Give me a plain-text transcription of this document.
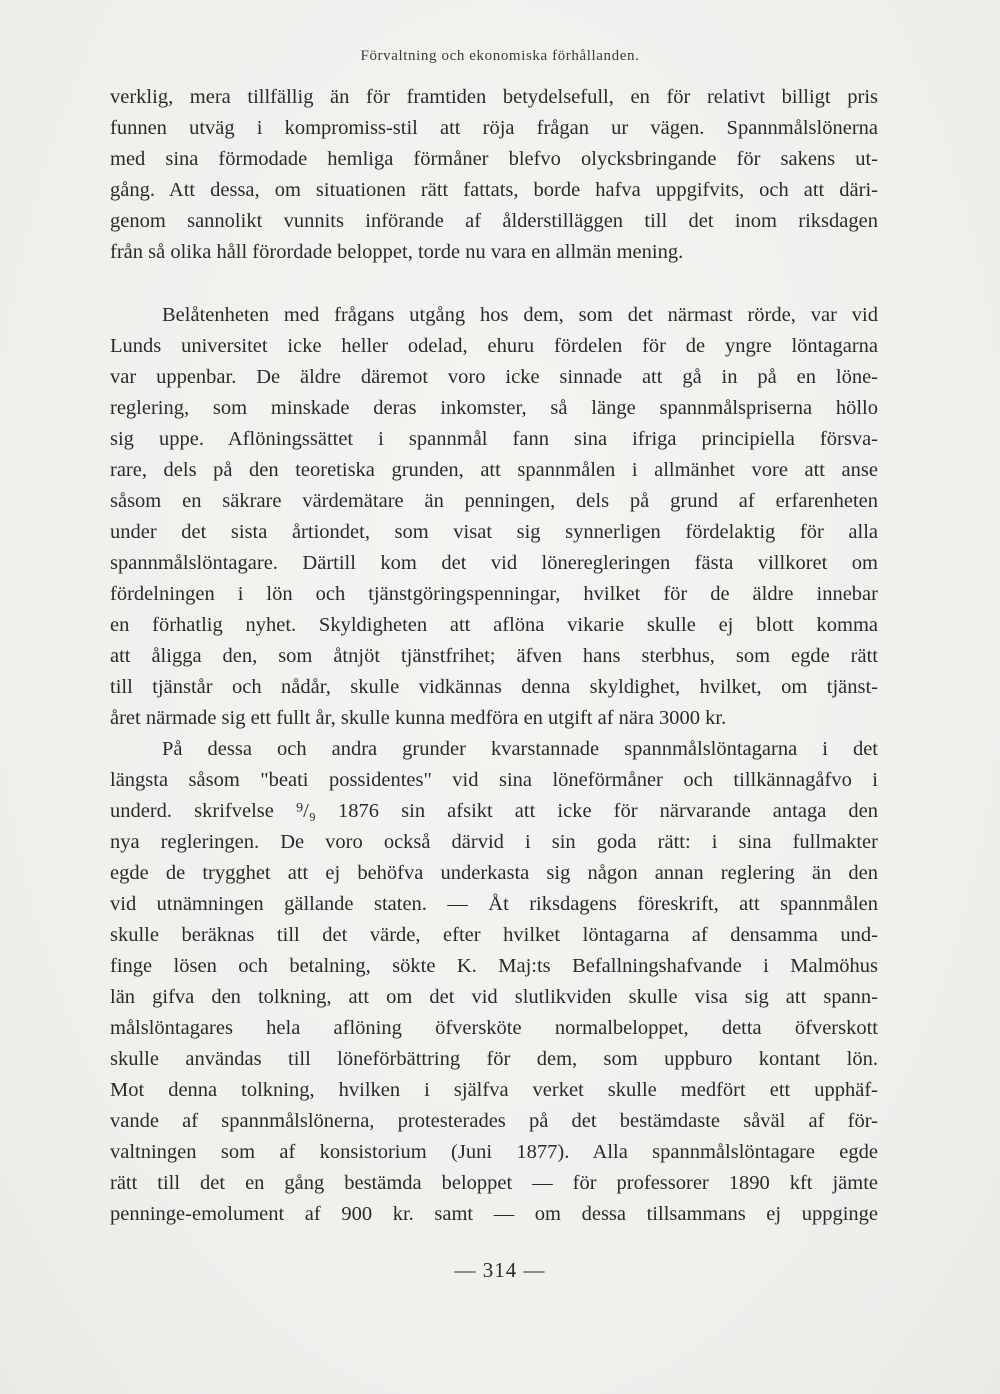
Förvaltning och ekonomiska förhållanden.
verklig, mera tillfällig än för framtiden betydelsefull, en för relativt billigt pris
funnen utväg i kompromiss-stil att röja frågan ur vägen. Spannmålslönerna
med sina förmodade hemliga förmåner blefvo olycksbringande för sakens ut-
gång. Att dessa, om situationen rätt fattats, borde hafva uppgifvits, och att däri-
genom sannolikt vunnits införande af ålderstilläggen till det inom riksdagen
från så olika håll förordade beloppet, torde nu vara en allmän mening.
Belåtenheten med frågans utgång hos dem, som det närmast rörde, var vid
Lunds universitet icke heller odelad, ehuru fördelen för de yngre löntagarna
var uppenbar. De äldre däremot voro icke sinnade att gå in på en löne-
reglering, som minskade deras inkomster, så länge spannmålspriserna höllo
sig uppe. Aflöningssättet i spannmål fann sina ifriga principiella försva-
rare, dels på den teoretiska grunden, att spannmålen i allmänhet vore att anse
såsom en säkrare värdemätare än penningen, dels på grund af erfarenheten
under det sista årtiondet, som visat sig synnerligen fördelaktig för alla
spannmålslöntagare. Därtill kom det vid löneregleringen fästa villkoret om
fördelningen i lön och tjänstgöringspenningar, hvilket för de äldre innebar
en förhatlig nyhet. Skyldigheten att aflöna vikarie skulle ej blott komma
att åligga den, som åtnjöt tjänstfrihet; äfven hans sterbhus, som egde rätt
till tjänstår och nådår, skulle vidkännas denna skyldighet, hvilket, om tjänst-
året närmade sig ett fullt år, skulle kunna medföra en utgift af nära 3000 kr.
På dessa och andra grunder kvarstannade spannmålslöntagarna i det
längsta såsom "beati possidentes" vid sina löneförmåner och tillkännagåfvo i
underd. skrifvelse ⁹/₉ 1876 sin afsikt att icke för närvarande antaga den
nya regleringen. De voro också därvid i sin goda rätt: i sina fullmakter
egde de trygghet att ej behöfva underkasta sig någon annan reglering än den
vid utnämningen gällande staten. — Åt riksdagens föreskrift, att spannmålen
skulle beräknas till det värde, efter hvilket löntagarna af densamma und-
finge lösen och betalning, sökte K. Maj:ts Befallningshafvande i Malmöhus
län gifva den tolkning, att om det vid slutlikviden skulle visa sig att spann-
målslöntagares hela aflöning öfversköte normalbeloppet, detta öfverskott
skulle användas till löneförbättring för dem, som uppburo kontant lön.
Mot denna tolkning, hvilken i själfva verket skulle medfört ett upphäf-
vande af spannmålslönerna, protesterades på det bestämdaste såväl af för-
valtningen som af konsistorium (Juni 1877). Alla spannmålslöntagare egde
rätt till det en gång bestämda beloppet — för professorer 1890 kft jämte
penninge-emolument af 900 kr. samt — om dessa tillsammans ej uppginge
— 314 —
